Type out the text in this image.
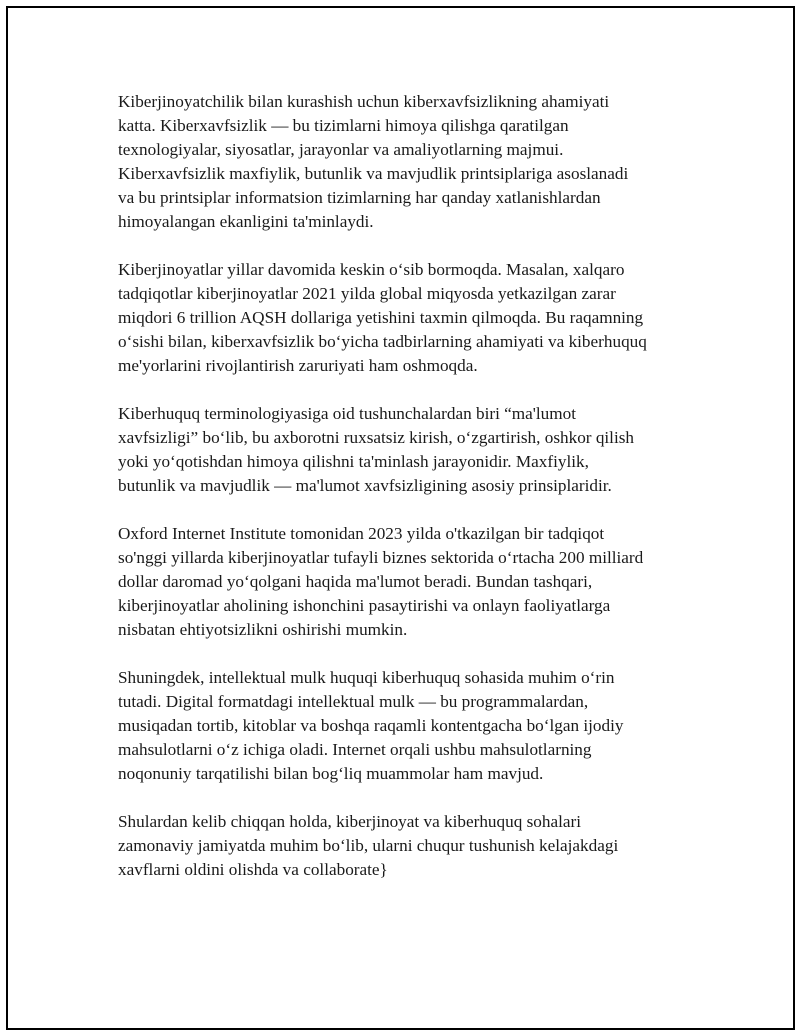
Kiberjinoyatchilik bilan kurashish uchun kiberxavfsizlikning ahamiyati
katta. Kiberxavfsizlik — bu tizimlarni himoya qilishga qaratilgan
texnologiyalar, siyosatlar, jarayonlar va amaliyotlarning majmui.
Kiberxavfsizlik maxfiylik, butunlik va mavjudlik printsiplariga asoslanadi
va bu printsiplar informatsion tizimlarning har qanday xatlanishlardan
himoyalangan ekanligini ta'minlaydi.

Kiberjinoyatlar yillar davomida keskin o‘sib bormoqda. Masalan, xalqaro
tadqiqotlar kiberjinoyatlar 2021 yilda global miqyosda yetkazilgan zarar
miqdori 6 trillion AQSH dollariga yetishini taxmin qilmoqda. Bu raqamning
o‘sishi bilan, kiberxavfsizlik bo‘yicha tadbirlarning ahamiyati va kiberhuquq
me'yorlarini rivojlantirish zaruriyati ham oshmoqda.

Kiberhuquq terminologiyasiga oid tushunchalardan biri “ma'lumot
xavfsizligi” bo‘lib, bu axborotni ruxsatsiz kirish, o‘zgartirish, oshkor qilish
yoki yo‘qotishdan himoya qilishni ta'minlash jarayonidir. Maxfiylik,
butunlik va mavjudlik — ma'lumot xavfsizligining asosiy prinsiplaridir.

Oxford Internet Institute tomonidan 2023 yilda o'tkazilgan bir tadqiqot
so'nggi yillarda kiberjinoyatlar tufayli biznes sektorida o‘rtacha 200 milliard
dollar daromad yo‘qolgani haqida ma'lumot beradi. Bundan tashqari,
kiberjinoyatlar aholining ishonchini pasaytirishi va onlayn faoliyatlarga
nisbatan ehtiyotsizlikni oshirishi mumkin.

Shuningdek, intellektual mulk huquqi kiberhuquq sohasida muhim o‘rin
tutadi. Digital formatdagi intellektual mulk — bu programmalardan,
musiqadan tortib, kitoblar va boshqa raqamli kontentgacha bo‘lgan ijodiy
mahsulotlarni o‘z ichiga oladi. Internet orqali ushbu mahsulotlarning
noqonuniy tarqatilishi bilan bog‘liq muammolar ham mavjud.

Shulardan kelib chiqqan holda, kiberjinoyat va kiberhuquq sohalari
zamonaviy jamiyatda muhim bo‘lib, ularni chuqur tushunish kelajakdagi
xavflarni oldini olishda va collaborate}
